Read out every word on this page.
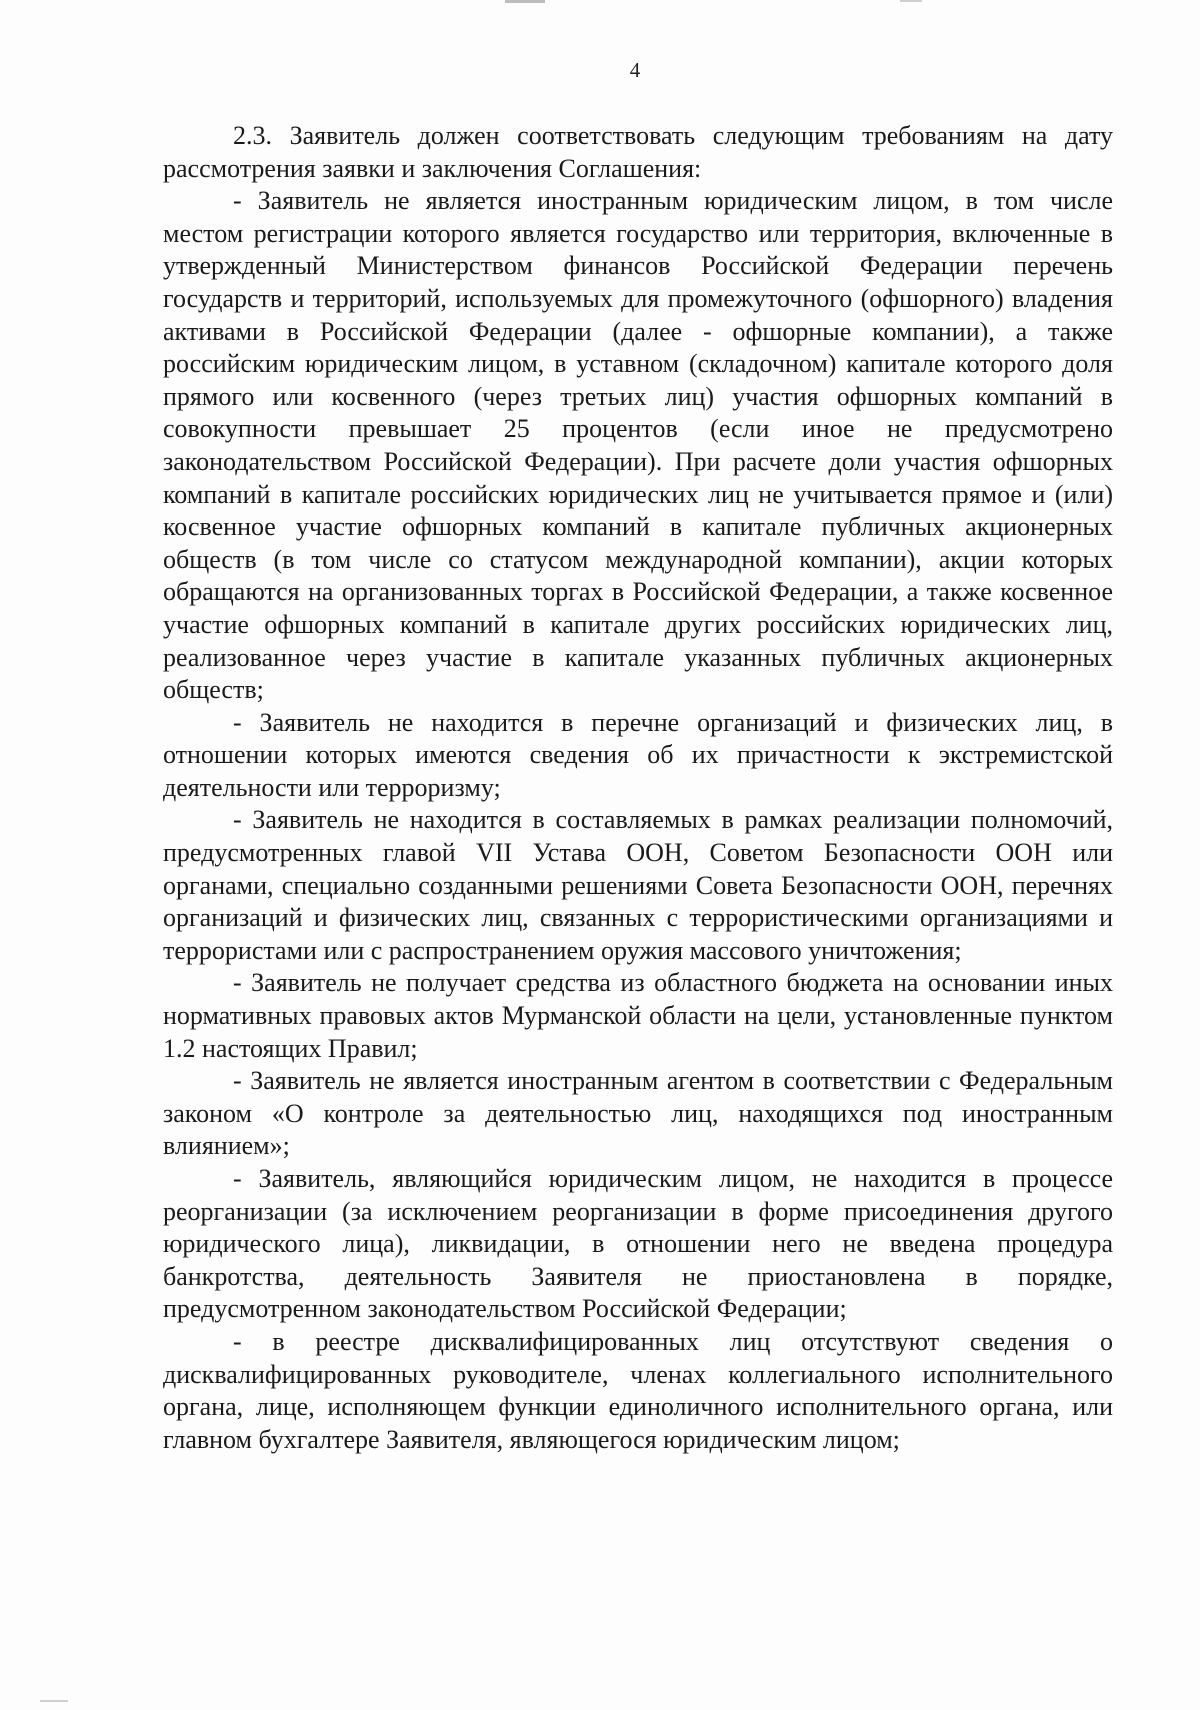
4

2.3. Заявитель должен соответствовать следующим требованиям на дату рассмотрения заявки и заключения Соглашения:

- Заявитель не является иностранным юридическим лицом, в том числе местом регистрации которого является государство или территория, включенные в утвержденный Министерством финансов Российской Федерации перечень государств и территорий, используемых для промежуточного (офшорного) владения активами в Российской Федерации (далее - офшорные компании), а также российским юридическим лицом, в уставном (складочном) капитале которого доля прямого или косвенного (через третьих лиц) участия офшорных компаний в совокупности превышает 25 процентов (если иное не предусмотрено законодательством Российской Федерации). При расчете доли участия офшорных компаний в капитале российских юридических лиц не учитывается прямое и (или) косвенное участие офшорных компаний в капитале публичных акционерных обществ (в том числе со статусом международной компании), акции которых обращаются на организованных торгах в Российской Федерации, а также косвенное участие офшорных компаний в капитале других российских юридических лиц, реализованное через участие в капитале указанных публичных акционерных обществ;

- Заявитель не находится в перечне организаций и физических лиц, в отношении которых имеются сведения об их причастности к экстремистской деятельности или терроризму;

- Заявитель не находится в составляемых в рамках реализации полномочий, предусмотренных главой VII Устава ООН, Советом Безопасности ООН или органами, специально созданными решениями Совета Безопасности ООН, перечнях организаций и физических лиц, связанных с террористическими организациями и террористами или с распространением оружия массового уничтожения;

- Заявитель не получает средства из областного бюджета на основании иных нормативных правовых актов Мурманской области на цели, установленные пунктом 1.2 настоящих Правил;

- Заявитель не является иностранным агентом в соответствии с Федеральным законом «О контроле за деятельностью лиц, находящихся под иностранным влиянием»;

- Заявитель, являющийся юридическим лицом, не находится в процессе реорганизации (за исключением реорганизации в форме присоединения другого юридического лица), ликвидации, в отношении него не введена процедура банкротства, деятельность Заявителя не приостановлена в порядке, предусмотренном законодательством Российской Федерации;

- в реестре дисквалифицированных лиц отсутствуют сведения о дисквалифицированных руководителе, членах коллегиального исполнительного органа, лице, исполняющем функции единоличного исполнительного органа, или главном бухгалтере Заявителя, являющегося юридическим лицом;
